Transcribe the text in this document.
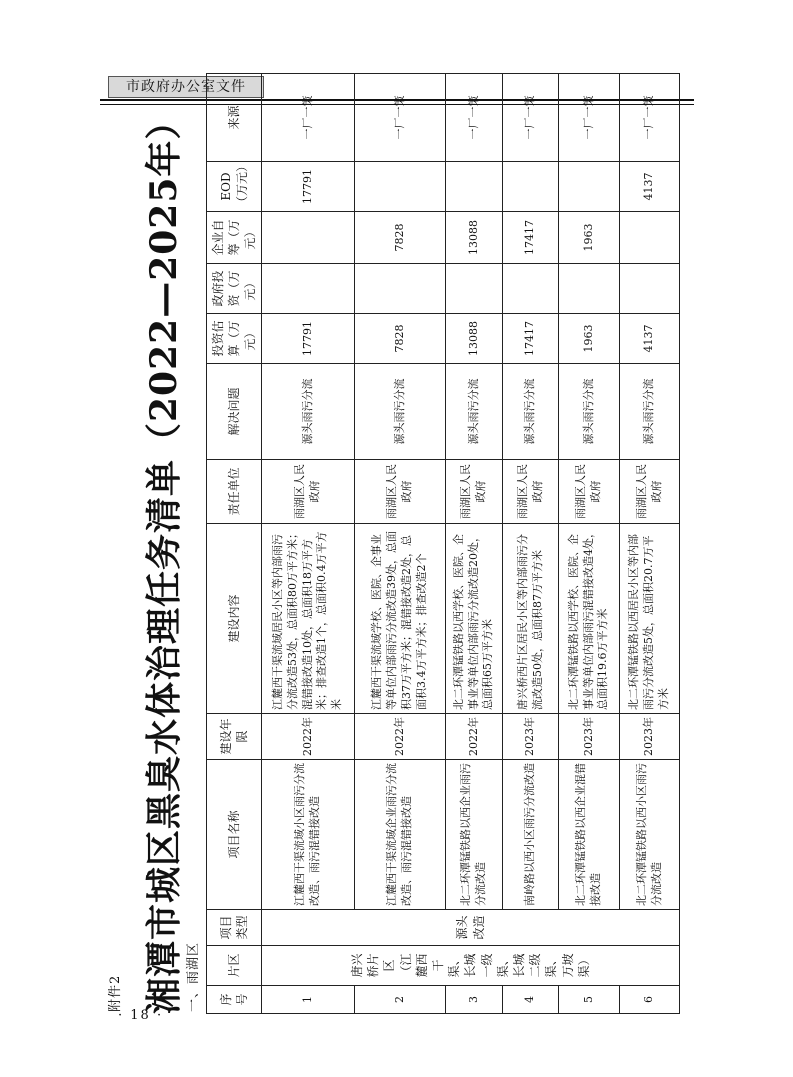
市政府办公室文件
附件2 湘潭市城区黑臭水体治理任务清单（2022—2025年） 一、雨湖区 序号	片区	项目类型	项目名称	建设年限	建设内容	责任单位	解决问题	投资估算（万元）	政府投资（万元）	企业自筹（万元）	EOD（万元）	来源
1	唐兴桥片区（江麓西干渠、长城一级渠、长城二级渠、万坡渠）	源头改造	江麓西干渠流域小区雨污分流改造、雨污混错接改造	2022年	江麓西干渠流域居民小区等内部雨污分流改造53处，总面积80万平方米；混错接改造10处，总面积18万平方米；排查改造1个，总面积0.4万平方米	雨湖区人民政府	源头雨污分流	17791			17791	一厂一策
2			江麓西干渠流域企业雨污分流改造、雨污混错接改造	2022年	江麓西干渠流域学校、医院、企事业等单位内部雨污分流改造39处，总面积37万平方米；混错接改造2处，总面积3.4万平方米；排查改造2个	雨湖区人民政府	源头雨污分流	7828		7828		一厂一策
3			北二环潭锰铁路以西企业雨污分流改造	2022年	北二环潭锰铁路以西学校、医院、企事业等单位内部雨污分流改造20处，总面积65万平方米	雨湖区人民政府	源头雨污分流	13088		13088		一厂一策
4			南岭路以西小区雨污分流改造	2023年	唐兴桥西片区居民小区等内部雨污分流改造50处，总面积87万平方米	雨湖区人民政府	源头雨污分流	17417		17417		一厂一策
5			北二环潭锰铁路以西企业混错接改造	2023年	北二环潭锰铁路以西学校、医院、企事业等单位内部雨污混错接改造4处，总面积19.6万平方米	雨湖区人民政府	源头雨污分流	1963		1963		一厂一策
6			北二环潭锰铁路以西小区雨污分流改造	2023年	北二环潭锰铁路以西居民小区等内部雨污分流改造5处，总面积20.7万平方米	雨湖区人民政府	源头雨污分流	4137			4137	一厂一策
· 18 ·
